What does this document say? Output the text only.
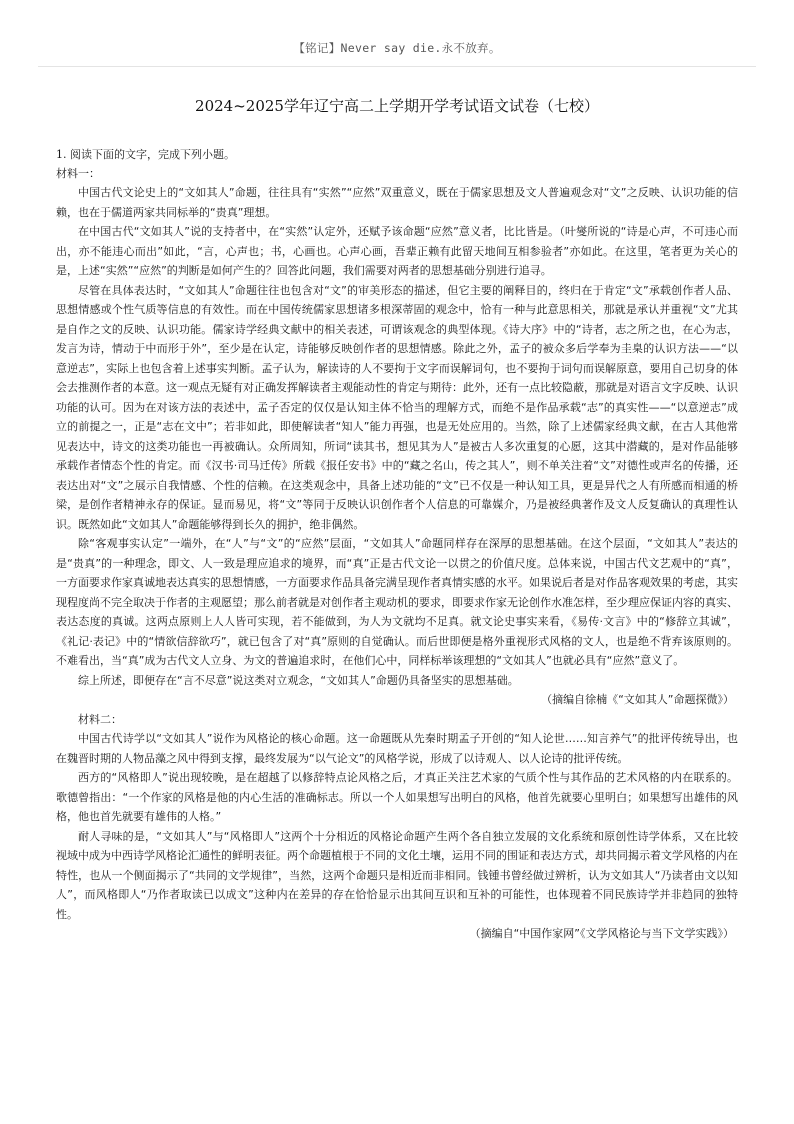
【铭记】Never say die.永不放弃。
2024~2025学年辽宁高二上学期开学考试语文试卷（七校）
1. 阅读下面的文字，完成下列小题。
材料一：

中国古代文论史上的“文如其人”命题，往往具有“实然”“应然”双重意义，既在于儒家思想及文人普遍观念对“文”之反映、认识功能的信赖，也在于儒道两家共同标举的“贵真”理想。

在中国古代“文如其人”说的支持者中，在“实然”认定外，还赋予该命题“应然”意义者，比比皆是。（叶燮所说的“诗是心声，不可违心而出，亦不能违心而出”如此，“言，心声也；书，心画也。心声心画，吾辈正赖有此留天地间互相参验者”亦如此。在这里，笔者更为关心的是，上述“实然”“应然”的判断是如何产生的？回答此问题，我们需要对两者的思想基础分别进行追寻。

尽管在具体表达时，“文如其人”命题往往也包含对“文”的审美形态的描述，但它主要的阐释目的，终归在于肯定“文”承载创作者人品、思想情感或个性气质等信息的有效性。而在中国传统儒家思想诸多根深蒂固的观念中，恰有一种与此意思相关，那就是承认并重视“文”尤其是自作之文的反映、认识功能。儒家诗学经典文献中的相关表述，可谓该观念的典型体现。《诗大序》中的“诗者，志之所之也，在心为志，发言为诗，情动于中而形于外”，至少是在认定，诗能够反映创作者的思想情感。除此之外，孟子的被众多后学奉为圭臬的认识方法——“以意逆志”，实际上也包含着上述事实判断。孟子认为，解读诗的人不要拘于文字而误解词句，也不要拘于词句而误解原意，要用自己切身的体会去推测作者的本意。这一观点无疑有对正确发挥解读者主观能动性的肯定与期待：此外，还有一点比较隐蔽，那就是对语言文字反映、认识功能的认可。因为在对该方法的表述中，孟子否定的仅仅是认知主体不恰当的理解方式，而绝不是作品承载“志”的真实性——“以意逆志”成立的前提之一，正是“志在文中”；若非如此，即使解读者“知人”能力再强，也是无处应用的。当然，除了上述儒家经典文献，在古人其他常见表达中，诗文的这类功能也一再被确认。众所周知，所词“读其书，想见其为人”是被古人多次重复的心愿，这其中潜藏的，是对作品能够承载作者情态个性的肯定。而《汉书·司马迁传》所载《报任安书》中的“藏之名山，传之其人”，则不单关注着“文”对德性或声名的传播，还表达出对“文”之展示自我情感、个性的信赖。在这类观念中，具备上述功能的“文”已不仅是一种认知工具，更是异代之人有所感而相通的桥梁，是创作者精神永存的保证。显而易见，将“文”等同于反映认识创作者个人信息的可靠媒介，乃是被经典著作及文人反复确认的真理性认识。既然如此“文如其人”命题能够得到长久的拥护，绝非偶然。

除“客观事实认定”一端外，在“人”与“文”的“应然”层面，“文如其人”命题同样存在深厚的思想基础。在这个层面，“文如其人”表达的是“贵真”的一种理念，即文、人一致是理应追求的境界，而“真”正是古代文论一以贯之的价值尺度。总体来说，中国古代文艺观中的“真”，一方面要求作家真诚地表达真实的思想情感，一方面要求作品具备完满呈现作者真情实感的水平。如果说后者是对作品客观效果的考虑，其实现程度尚不完全取决于作者的主观愿望；那么前者就是对创作者主观动机的要求，即要求作家无论创作水准怎样，至少理应保证内容的真实、表达态度的真诚。这两点原则上人人皆可实现，若不能做到，为人为文就均不足真。就文论史事实来看，《易传·文言》中的“修辞立其诚”，《礼记·表记》中的“情欲信辞欲巧”，就已包含了对“真”原则的自觉确认。而后世即便是格外重视形式风格的文人，也是绝不背弃该原则的。不难看出，当“真”成为古代文人立身、为文的普遍追求时，在他们心中，同样标举该理想的“文如其人”也就必具有“应然”意义了。

综上所述，即便存在“言不尽意”说这类对立观念，“文如其人”命题仍具备坚实的思想基础。

（摘编自徐楠《“文如其人”命题探微》）

材料二：

中国古代诗学以“文如其人”说作为风格论的核心命题。这一命题既从先秦时期孟子开创的“知人论世……知言养气”的批评传统导出，也在魏晋时期的人物品藻之风中得到支撑，最终发展为“以气论文”的风格学说，形成了以诗观人、以人论诗的批评传统。

西方的“风格即人”说出现较晚，是在超越了以修辞特点论风格之后，才真正关注艺术家的气质个性与其作品的艺术风格的内在联系的。歌德曾指出：“一个作家的风格是他的内心生活的准确标志。所以一个人如果想写出明白的风格，他首先就要心里明白；如果想写出雄伟的风格，他也首先就要有雄伟的人格。”

耐人寻味的是，“文如其人”与“风格即人”这两个十分相近的风格论命题产生两个各自独立发展的文化系统和原创性诗学体系，又在比较视域中成为中西诗学风格论汇通性的鲜明表征。两个命题植根于不同的文化土壤，运用不同的围证和表达方式，却共同揭示着文学风格的内在特性，也从一个侧面揭示了“共同的文学规律”，当然，这两个命题只是相近而非相同。钱锺书曾经做过辨析，认为文如其人“乃读者由文以知人”，而风格即人“乃作者取读已以成文”这种内在差异的存在恰恰显示出其间互识和互补的可能性，也体现着不同民族诗学并非趋同的独特性。

（摘编自“中国作家网”《文学风格论与当下文学实践》）
